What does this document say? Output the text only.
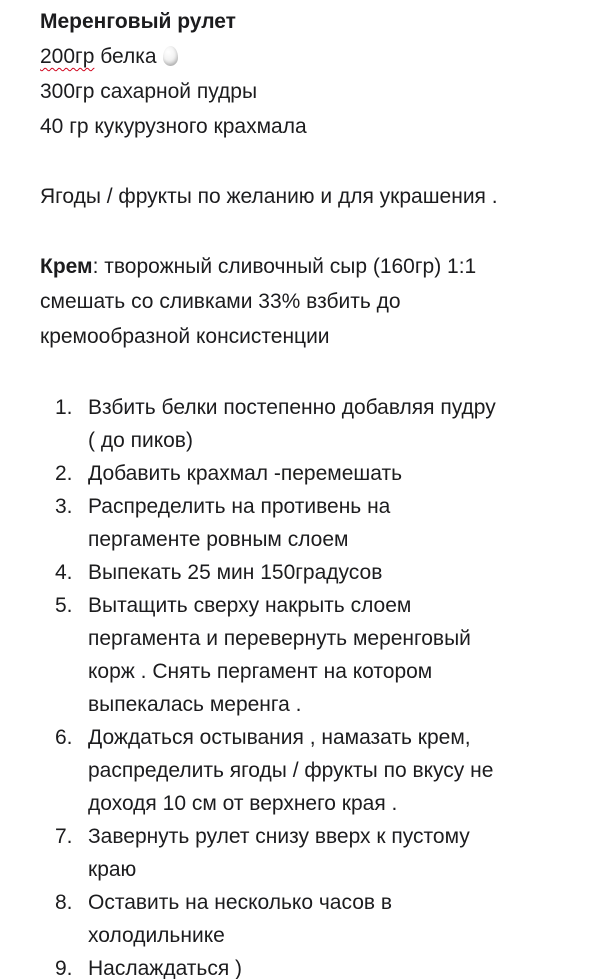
Меренговый рулет

200гр белка

300гр сахарной пудры

40 гр кукурузного крахмала

Ягоды / фрукты по желанию и для украшения .

Крем: творожный сливочный сыр (160гр) 1:1

смешать со сливками 33% взбить до

кремообразной консистенции

1. Взбить белки постепенно добавляя пудру
( до пиков)
2. Добавить крахмал -перемешать
3. Распределить на противень на
пергаменте ровным слоем
4. Выпекать 25 мин 150градусов
5. Вытащить сверху накрыть слоем
пергамента и перевернуть меренговый
корж . Снять пергамент на котором
выпекалась меренга .
6. Дождаться остывания , намазать крем,
распределить ягоды / фрукты по вкусу не
доходя 10 см от верхнего края .
7. Завернуть рулет снизу вверх к пустому
краю
8. Оставить на несколько часов в
холодильнике
9. Наслаждаться )
